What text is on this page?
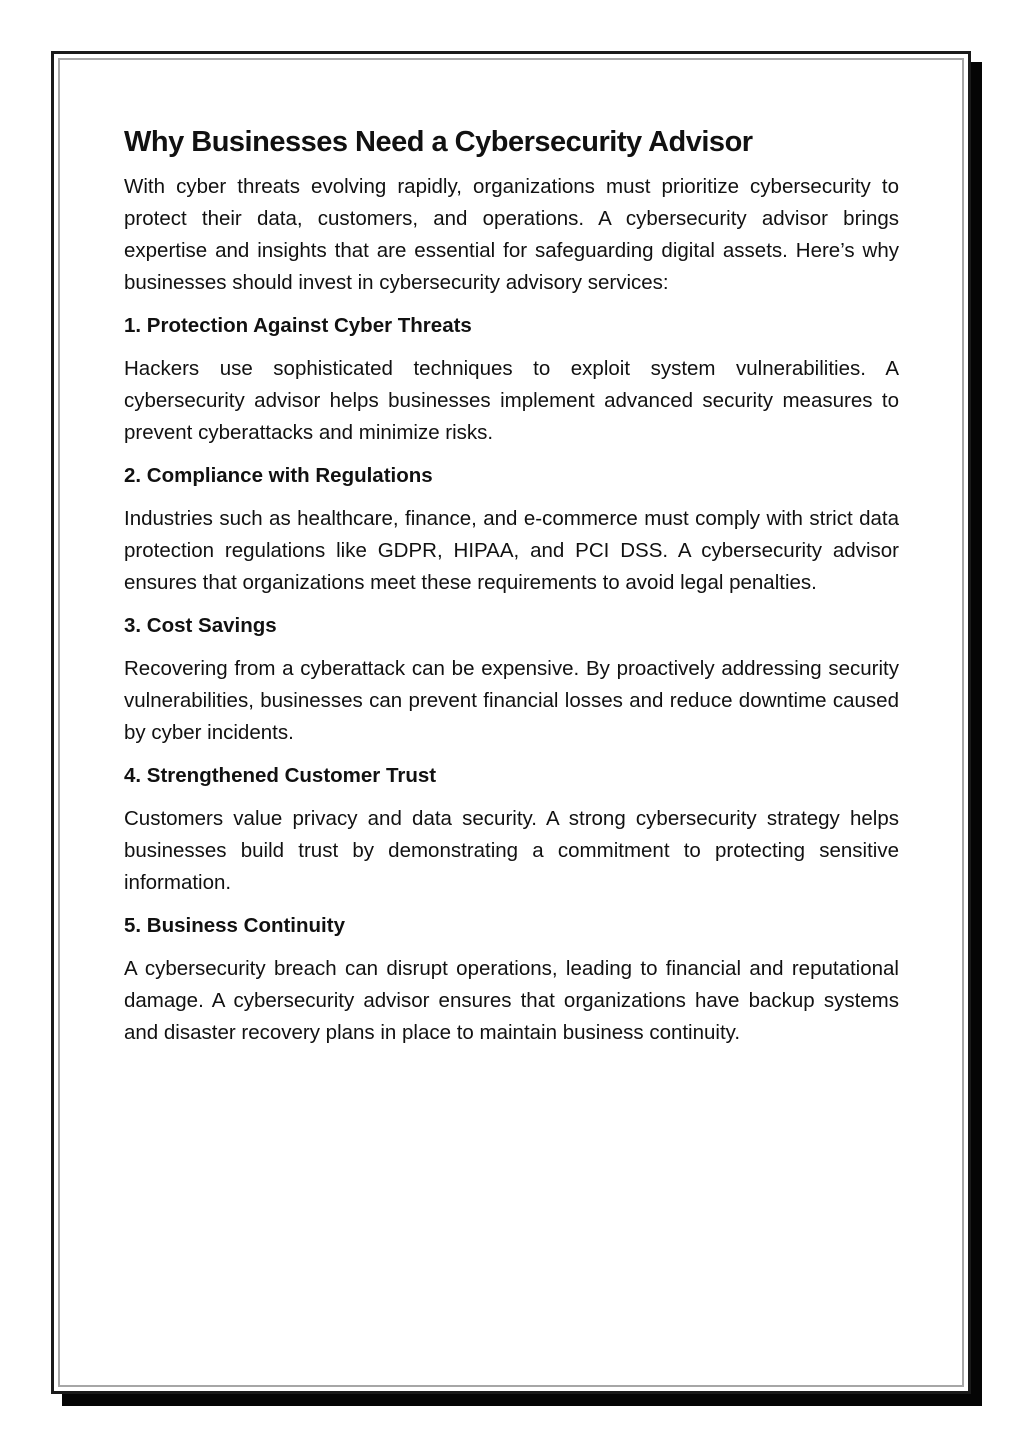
Why Businesses Need a Cybersecurity Advisor

With cyber threats evolving rapidly, organizations must prioritize cybersecurity to protect their data, customers, and operations. A cybersecurity advisor brings expertise and insights that are essential for safeguarding digital assets. Here’s why businesses should invest in cybersecurity advisory services:

1. Protection Against Cyber Threats

Hackers use sophisticated techniques to exploit system vulnerabilities. A cybersecurity advisor helps businesses implement advanced security measures to prevent cyberattacks and minimize risks.

2. Compliance with Regulations

Industries such as healthcare, finance, and e-commerce must comply with strict data protection regulations like GDPR, HIPAA, and PCI DSS. A cybersecurity advisor ensures that organizations meet these requirements to avoid legal penalties.

3. Cost Savings

Recovering from a cyberattack can be expensive. By proactively addressing security vulnerabilities, businesses can prevent financial losses and reduce downtime caused by cyber incidents.

4. Strengthened Customer Trust

Customers value privacy and data security. A strong cybersecurity strategy helps businesses build trust by demonstrating a commitment to protecting sensitive information.

5. Business Continuity

A cybersecurity breach can disrupt operations, leading to financial and reputational damage. A cybersecurity advisor ensures that organizations have backup systems and disaster recovery plans in place to maintain business continuity.
